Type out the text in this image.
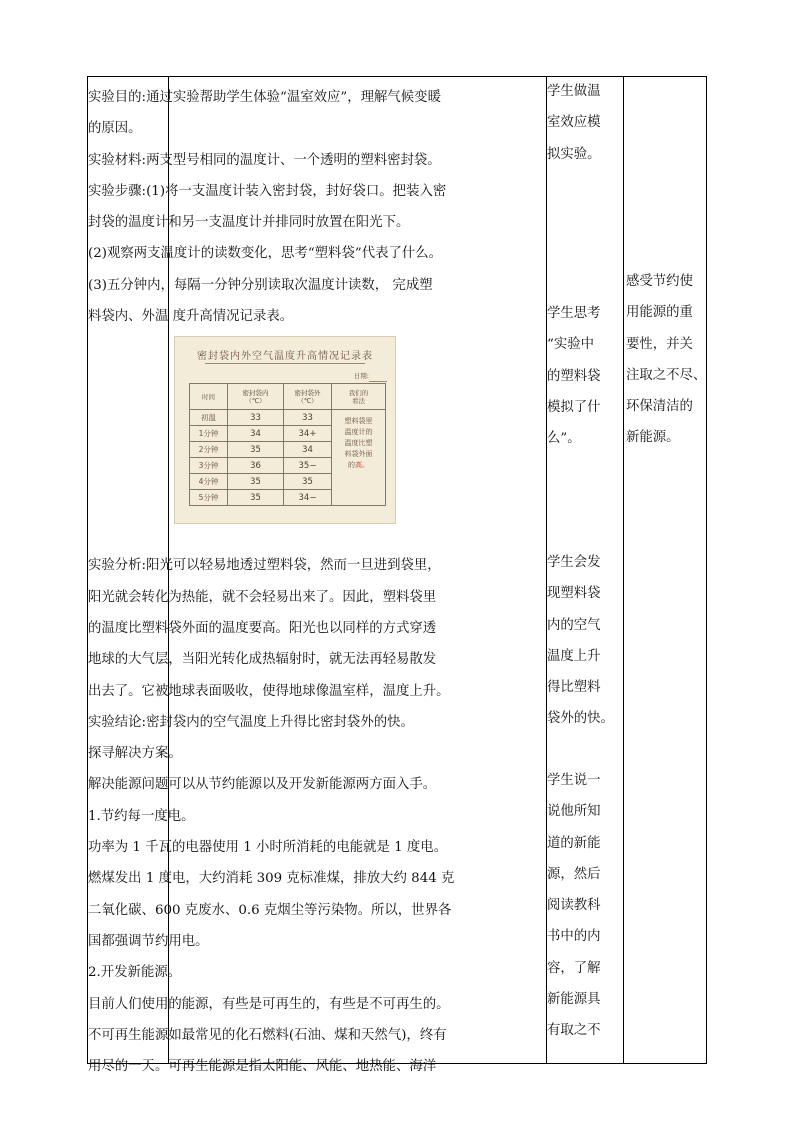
实验目的:通过实验帮助学生体验“温室效应”，理解气候变暖

的原因。

实验材料:两支型号相同的温度计、一个透明的塑料密封袋。

实验步骤:(1)将一支温度计装入密封袋，封好袋口。把装入密

封袋的温度计和另一支温度计并排同时放置在阳光下。

(2)观察两支温度计的读数变化，思考“塑料袋”代表了什么。

(3)五分钟内，每隔一分钟分别读取次温度计读数， 完成塑

料袋内、外温 度升高情况记录表。

实验分析:阳光可以轻易地透过塑料袋，然而一旦进到袋里，

阳光就会转化为热能，就不会轻易出来了。因此，塑料袋里

的温度比塑料袋外面的温度要高。阳光也以同样的方式穿透

地球的大气层，当阳光转化成热辐射时，就无法再轻易散发

出去了。它被地球表面吸收，使得地球像温室样，温度上升。

实验结论:密封袋内的空气温度上升得比密封袋外的快。

探寻解决方案。

解决能源问题可以从节约能源以及开发新能源两方面入手。

1.节约每一度电。

功率为 1 千瓦的电器使用 1 小时所消耗的电能就是 1 度电。

燃煤发出 1 度电，大约消耗 309 克标准煤，排放大约 844 克

二氧化碳、600 克废水、0.6 克烟尘等污染物。所以，世界各

国都强调节约用电。

2.开发新能源。

目前人们使用的能源，有些是可再生的，有些是不可再生的。

不可再生能源如最常见的化石燃料(石油、煤和天然气)，终有

用尽的一天。可再生能源是指太阳能、风能、地热能、海洋

密封袋内外空气温度升高情况记录表
日期:
时间	密封袋内
（℃）	密封袋外
（℃）	我们的
看法
初温	33	33	塑料袋里
温度计的
温度比塑
料袋外面
的高。

1分钟	34	34+	
2分钟	35	34	
3分钟	36	35−	
4分钟	35	35	
5分钟	35	34−	
学生做温
室效应模
拟实验。
学生思考
“实验中
的塑料袋
模拟了什
么”。
学生会发
现塑料袋
内的空气
温度上升
得比塑料
袋外的快。
学生说一
说他所知
道的新能
源，然后
阅读教科
书中的内
容，了解
新能源具
有取之不
感受节约使
用能源的重
要性，并关
注取之不尽、
环保清洁的
新能源。
